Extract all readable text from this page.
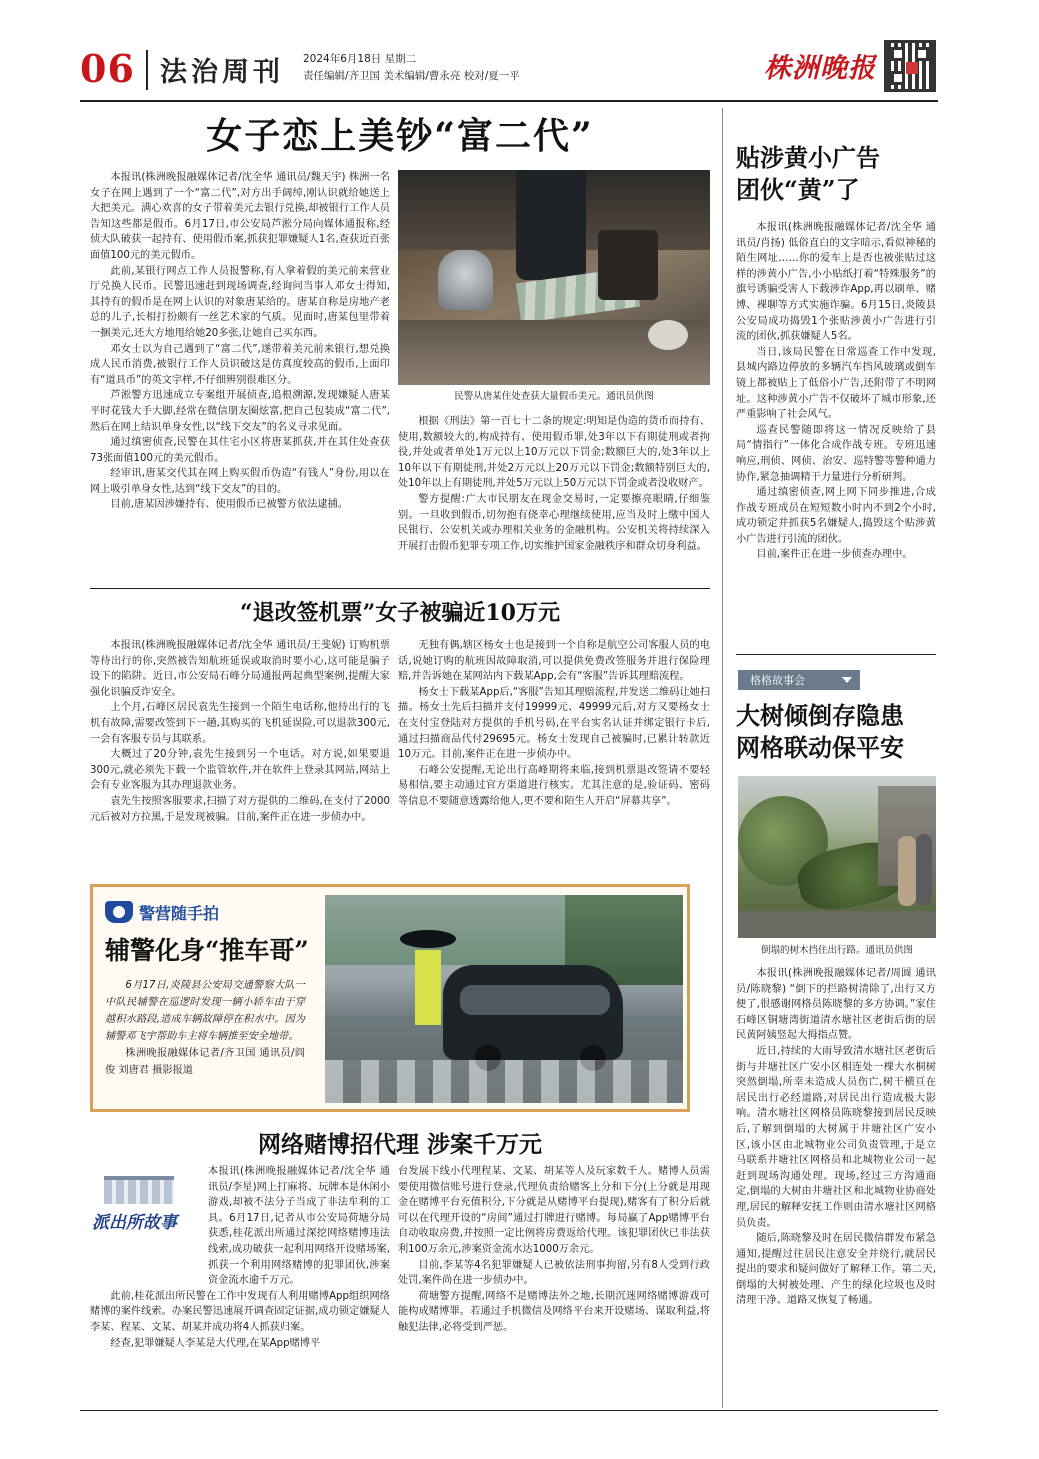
06 法治周刊 2024年6月18日 星期二
责任编辑/齐卫国 美术编辑/曹永亮 校对/夏一平	株洲晚报
女子恋上美钞“富二代”

本报讯(株洲晚报融媒体记者/沈全华 通讯员/魏天宇) 株洲一名女子在网上遇到了一个“富二代”,对方出手阔绰,刚认识就给她送上大把美元。满心欢喜的女子带着美元去银行兑换,却被银行工作人员告知这些都是假币。6月17日,市公安局芦淞分局向媒体通报称,经侦大队破获一起持有、使用假币案,抓获犯罪嫌疑人1名,查获近百张面值100元的美元假币。

此前,某银行网点工作人员报警称,有人拿着假的美元前来营业厅兑换人民币。民警迅速赶到现场调查,经询问当事人邓女士得知,其持有的假币是在网上认识的对象唐某给的。唐某自称是房地产老总的儿子,长相打扮颇有一丝艺术家的气质。见面时,唐某包里带着一捆美元,还大方地甩给她20多张,让她自己买东西。

邓女士以为自己遇到了“富二代”,遂带着美元前来银行,想兑换成人民币消费,被银行工作人员识破这是仿真度较高的假币,上面印有“道具币”的英文字样,不仔细辨别很难区分。

芦淞警方迅速成立专案组开展侦查,追根溯源,发现嫌疑人唐某平时花钱大手大脚,经常在微信朋友圈炫富,把自己包装成“富二代”,然后在网上结识单身女性,以“线下交友”的名义寻求见面。

通过缜密侦查,民警在其住宅小区将唐某抓获,并在其住处查获73张面值100元的美元假币。

经审讯,唐某交代其在网上购买假币伪造“有钱人”身份,用以在网上吸引单身女性,达到“线下交友”的目的。

目前,唐某因涉嫌持有、使用假币已被警方依法逮捕。

民警从唐某住处查获大量假币美元。通讯员供图

根据《刑法》第一百七十二条的规定:明知是伪造的货币而持有、使用,数额较大的,构成持有、使用假币罪,处3年以下有期徒刑或者拘役,并处或者单处1万元以上10万元以下罚金;数额巨大的,处3年以上10年以下有期徒刑,并处2万元以上20万元以下罚金;数额特别巨大的,处10年以上有期徒刑,并处5万元以上50万元以下罚金或者没收财产。

警方提醒:广大市民朋友在现金交易时,一定要擦亮眼睛,仔细鉴别。一旦收到假币,切勿抱有侥幸心理继续使用,应当及时上缴中国人民银行、公安机关或办理相关业务的金融机构。公安机关将持续深入开展打击假币犯罪专项工作,切实维护国家金融秩序和群众切身利益。

“退改签机票”女子被骗近10万元

本报讯(株洲晚报融媒体记者/沈全华 通讯员/王斐妮) 订购机票等待出行的你,突然被告知航班延误或取消时要小心,这可能是骗子设下的陷阱。近日,市公安局石峰分局通报两起典型案例,提醒大家强化识骗反诈安全。

上个月,石峰区居民袁先生接到一个陌生电话称,他待出行的飞机有故障,需要改签到下一趟,其购买的飞机延误险,可以退款300元,一会有客服专员与其联系。

大概过了20分钟,袁先生接到另一个电话。对方说,如果要退300元,就必须先下载一个监管软件,并在软件上登录其网站,网站上会有专业客服为其办理退款业务。

袁先生按照客服要求,扫描了对方提供的二维码,在支付了2000元后被对方拉黑,于是发现被骗。目前,案件正在进一步侦办中。

无独有偶,辖区杨女士也是接到一个自称是航空公司客服人员的电话,说她订购的航班因故障取消,可以提供免费改签服务并进行保险理赔,并告诉她在某网站内下载某App,会有“客服”告诉其理赔流程。

杨女士下载某App后,“客服”告知其理赔流程,并发送二维码让她扫描。杨女士先后扫描并支付19999元、49999元后,对方又要杨女士在支付宝登陆对方提供的手机号码,在平台实名认证并绑定银行卡后,通过扫描商品代付29695元。杨女士发现自己被骗时,已累计转款近10万元。目前,案件正在进一步侦办中。

石峰公安提醒,无论出行高峰期将来临,接到机票退改签请不要轻易相信,要主动通过官方渠道进行核实。尤其注意的是,验证码、密码等信息不要随意透露给他人,更不要和陌生人开启“屏幕共享”。

警营随手拍
辅警化身“推车哥”

6月17日,炎陵县公安局交通警察大队一中队民辅警在巡逻时发现一辆小轿车由于穿越积水路段,造成车辆故障停在积水中。因为辅警邓飞宇帮助车主将车辆推至安全地带。

株洲晚报融媒体记者/齐卫国 通讯员/阎俊 刘唐君 摄影报道

网络赌博招代理 涉案千万元
派出所故事

本报讯(株洲晚报融媒体记者/沈全华 通讯员/李星)网上打麻将、玩牌本是休闲小游戏,却被不法分子当成了非法牟利的工具。6月17日,记者从市公安局荷塘分局获悉,桂花派出所通过深挖网络赌博违法线索,成功破获一起利用网络开设赌场案,抓获一个利用网络赌博的犯罪团伙,涉案资金流水逾千万元。

此前,桂花派出所民警在工作中发现有人利用赌博App组织网络赌博的案件线索。办案民警迅速展开调查固定证据,成功锁定嫌疑人李某、程某、文某、胡某并成功将4人抓获归案。

经查,犯罪嫌疑人李某是大代理,在某App赌博平

台发展下线小代理程某、文某、胡某等人及玩家数千人。赌博人员需要使用微信账号进行登录,代理负责给赌客上分和下分(上分就是用现金在赌博平台充值积分,下分就是从赌博平台提现),赌客有了积分后就可以在代理开设的“房间”通过打牌进行赌博。每局赢了App赌博平台自动收取房费,并按照一定比例将房费返给代理。该犯罪团伙已非法获利100万余元,涉案资金流水达1000万余元。

目前,李某等4名犯罪嫌疑人已被依法刑事拘留,另有8人受到行政处罚,案件尚在进一步侦办中。

荷塘警方提醒,网络不是赌博法外之地,长期沉迷网络赌博游戏可能构成赌博罪。若通过手机微信及网络平台来开设赌场、谋取利益,将触犯法律,必将受到严惩。

贴涉黄小广告
团伙“黄”了

本报讯(株洲晚报融媒体记者/沈全华 通讯员/肖扬) 低俗直白的文字暗示,看似神秘的陌生网址……你的爱车上是否也被张贴过这样的涉黄小广告,小小贴纸打着“特殊服务”的旗号诱骗受害人下载涉诈App,再以刷单、赌博、裸聊等方式实施诈骗。6月15日,炎陵县公安局成功捣毁1个张贴涉黄小广告进行引流的团伙,抓获嫌疑人5名。

当日,该局民警在日常巡查工作中发现,县城内路边停放的多辆汽车挡风玻璃或倒车镜上都被贴上了低俗小广告,还附带了不明网址。这种涉黄小广告不仅破坏了城市形象,还严重影响了社会风气。

巡查民警随即将这一情况反映给了县局“情指行”一体化合成作战专班。专班迅速响应,刑侦、网侦、治安、巡特警等警种通力协作,紧急抽调精干力量进行分析研判。

通过缜密侦查,网上网下同步推进,合成作战专班成员在短短数小时内不到2个小时,成功锁定并抓获5名嫌疑人,捣毁这个贴涉黄小广告进行引流的团伙。

目前,案件正在进一步侦查办理中。

格格故事会
大树倾倒存隐患
网格联动保平安
倒塌的树木挡住出行路。通讯员供图

本报讯(株洲晚报融媒体记者/周圆 通讯员/陈晓黎) “倒下的拦路树清除了,出行又方便了,很感谢网格员陈晓黎的多方协调。”家住石峰区铜塘湾街道清水塘社区老街后街的居民黄阿姨竖起大拇指点赞。

近日,持续的大雨导致清水塘社区老街后街与井塘社区广安小区相连处一棵大水桐树突然倒塌,所幸未造成人员伤亡,树干横亘在居民出行必经道路,对居民出行造成极大影响。清水塘社区网格员陈晓黎接到居民反映后,了解到倒塌的大树属于井塘社区广安小区,该小区由北城物业公司负责管理,于是立马联系井塘社区网格员和北城物业公司一起赶到现场沟通处理。现场,经过三方沟通商定,倒塌的大树由井塘社区和北城物业协商处理,居民的解释安抚工作则由清水塘社区网格员负责。

随后,陈晓黎及时在居民微信群发布紧急通知,提醒过往居民注意安全并绕行,就居民提出的要求和疑问做好了解释工作。第二天,倒塌的大树被处理、产生的绿化垃圾也及时清理干净、道路又恢复了畅通。
